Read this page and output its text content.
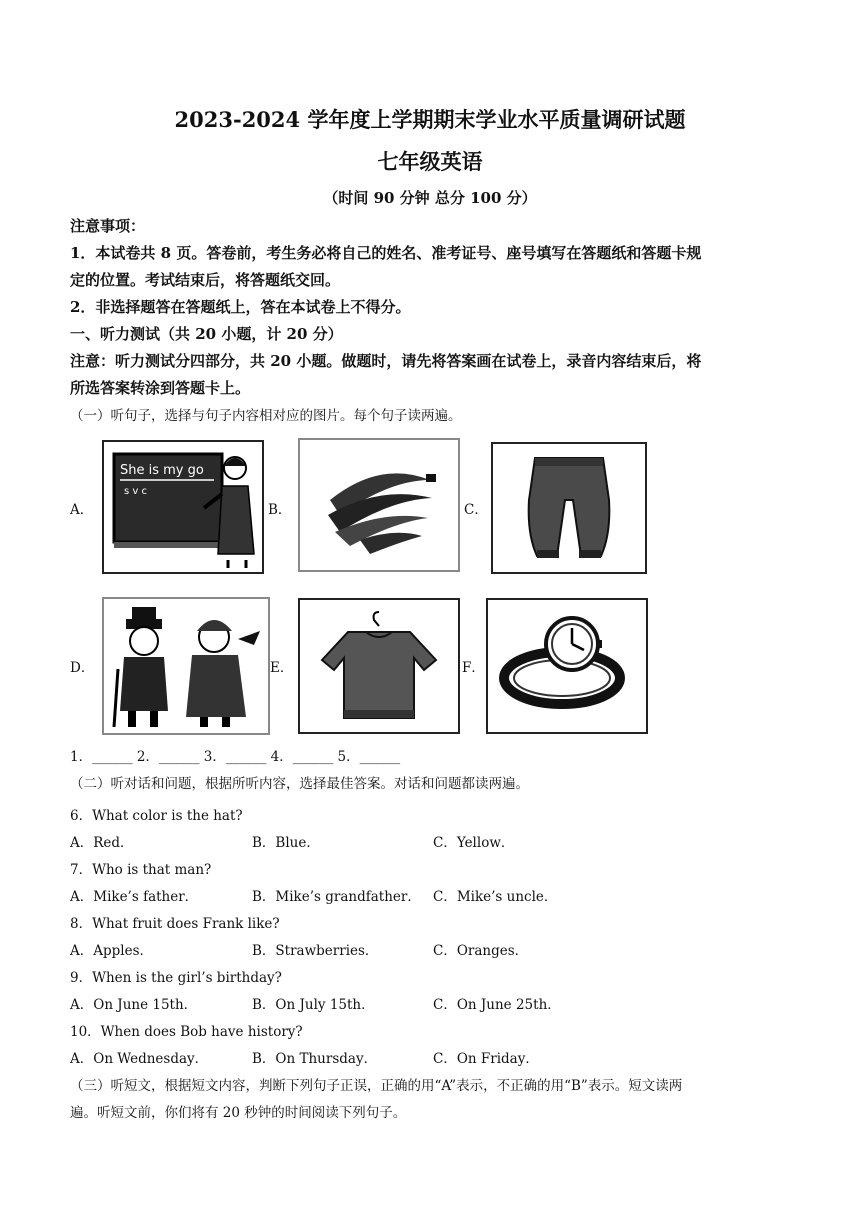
2023-2024 学年度上学期期末学业水平质量调研试题
七年级英语
（时间 90 分钟 总分 100 分）
注意事项：
1．本试卷共 8 页。答卷前，考生务必将自己的姓名、准考证号、座号填写在答题纸和答题卡规
定的位置。考试结束后，将答题纸交回。
2．非选择题答在答题纸上，答在本试卷上不得分。
一、听力测试（共 20 小题，计 20 分）
注意：听力测试分四部分，共 20 小题。做题时，请先将答案画在试卷上，录音内容结束后，将
所选答案转涂到答题卡上。
（一）听句子，选择与句子内容相对应的图片。每个句子读两遍。
A．
She is my go
s v c
B．	C．
D．	E．	F．
1．______ 2．______ 3．______ 4．______ 5．______
（二）听对话和问题，根据所听内容，选择最佳答案。对话和问题都读两遍。
6．What color is the hat?
A．Red．	B．Blue．	C．Yellow．
7．Who is that man?
A．Mike’s father．	B．Mike’s grandfather． C．Mike’s uncle．
8．What fruit does Frank like?
A．Apples．	B．Strawberries．	C．Oranges．
9．When is the girl’s birthday?
A．On June 15th．	B．On July 15th．	C．On June 25th．
10．When does Bob have history?
A．On Wednesday．	B．On Thursday．	C．On Friday．
（三）听短文，根据短文内容，判断下列句子正误，正确的用“A”表示，不正确的用“B”表示。短文读两
遍。听短文前，你们将有 20 秒钟的时间阅读下列句子。
